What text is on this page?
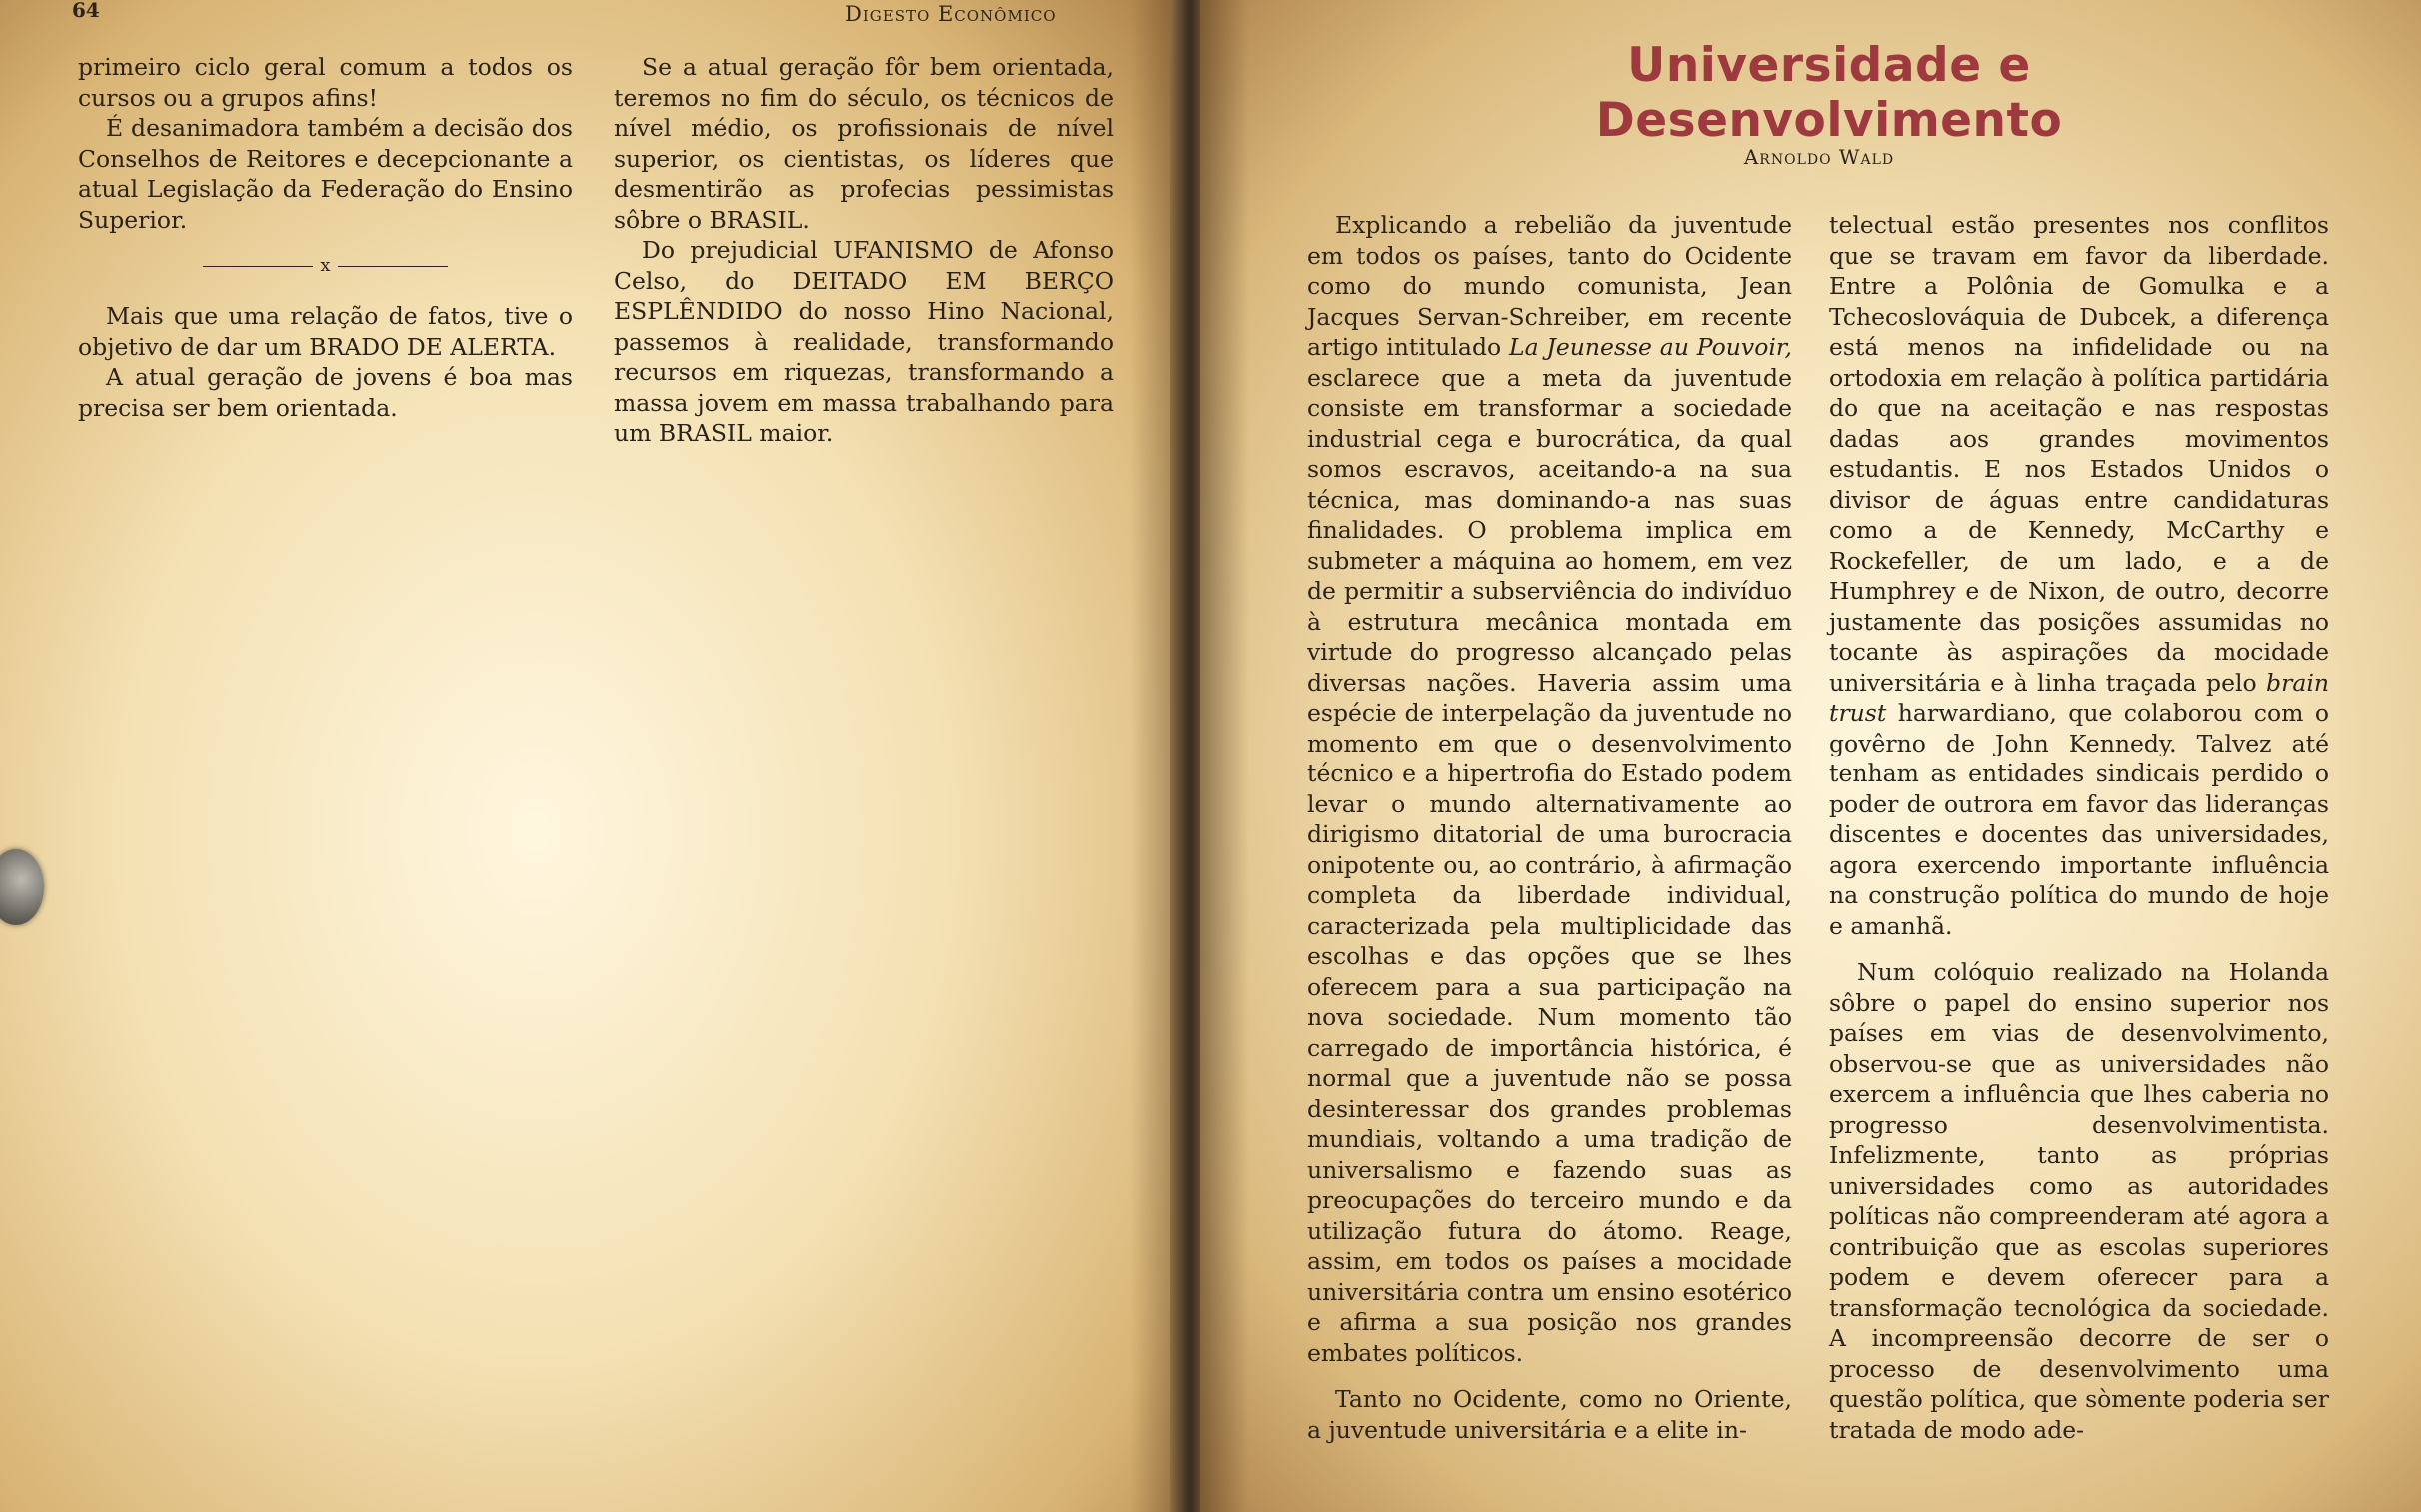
64	Digesto Econômico

primeiro ciclo geral comum a todos os cursos ou a grupos afins!

É desanimadora também a decisão dos Conselhos de Reitores e decepcionante a atual Legislação da Federação do Ensino Superior.

x

Mais que uma relação de fatos, tive o objetivo de dar um BRADO DE ALERTA.

A atual geração de jovens é boa mas precisa ser bem orientada.

Se a atual geração fôr bem orientada, teremos no fim do século, os técnicos de nível médio, os profissionais de nível superior, os cientistas, os líderes que desmentirão as profecias pessimistas sôbre o BRASIL.

Do prejudicial UFANISMO de Afonso Celso, do DEITADO EM BERÇO ESPLÊNDIDO do nosso Hino Nacional, passemos à realidade, transformando recursos em riquezas, transformando a massa jovem em massa trabalhando para um BRASIL maior.

Universidade e Desenvolvimento
Arnoldo Wald

Explicando a rebelião da juventude em todos os países, tanto do Ocidente como do mundo comunista, Jean Jacques Servan-Schreiber, em recente artigo intitulado La Jeunesse au Pouvoir, esclarece que a meta da juventude consiste em transformar a sociedade industrial cega e burocrática, da qual somos escravos, aceitando-a na sua técnica, mas dominando-a nas suas finalidades. O problema implica em submeter a máquina ao homem, em vez de permitir a subserviência do indivíduo à estrutura mecânica montada em virtude do progresso alcançado pelas diversas nações. Haveria assim uma espécie de interpelação da juventude no momento em que o desenvolvimento técnico e a hipertrofia do Estado podem levar o mundo alternativamente ao dirigismo ditatorial de uma burocracia onipotente ou, ao contrário, à afirmação completa da liberdade individual, caracterizada pela multiplicidade das escolhas e das opções que se lhes oferecem para a sua participação na nova sociedade. Num momento tão carregado de importância histórica, é normal que a juventude não se possa desinteressar dos grandes problemas mundiais, voltando a uma tradição de universalismo e fazendo suas as preocupações do terceiro mundo e da utilização futura do átomo. Reage, assim, em todos os países a mocidade universitária contra um ensino esotérico e afirma a sua posição nos grandes embates políticos.

Tanto no Ocidente, como no Oriente, a juventude universitária e a elite in-

telectual estão presentes nos conflitos que se travam em favor da liberdade. Entre a Polônia de Gomulka e a Tchecoslováquia de Dubcek, a diferença está menos na infidelidade ou na ortodoxia em relação à política partidária do que na aceitação e nas respostas dadas aos grandes movimentos estudantis. E nos Estados Unidos o divisor de águas entre candidaturas como a de Kennedy, McCarthy e Rockefeller, de um lado, e a de Humphrey e de Nixon, de outro, decorre justamente das posições assumidas no tocante às aspirações da mocidade universitária e à linha traçada pelo brain trust harwardiano, que colaborou com o govêrno de John Kennedy. Talvez até tenham as entidades sindicais perdido o poder de outrora em favor das lideranças discentes e docentes das universidades, agora exercendo importante influência na construção política do mundo de hoje e amanhã.

Num colóquio realizado na Holanda sôbre o papel do ensino superior nos países em vias de desenvolvimento, observou-se que as universidades não exercem a influência que lhes caberia no progresso desenvolvimentista. Infelizmente, tanto as próprias universidades como as autoridades políticas não compreenderam até agora a contribuição que as escolas superiores podem e devem oferecer para a transformação tecnológica da sociedade. A incompreensão decorre de ser o processo de desenvolvimento uma questão política, que sòmente poderia ser tratada de modo ade-
